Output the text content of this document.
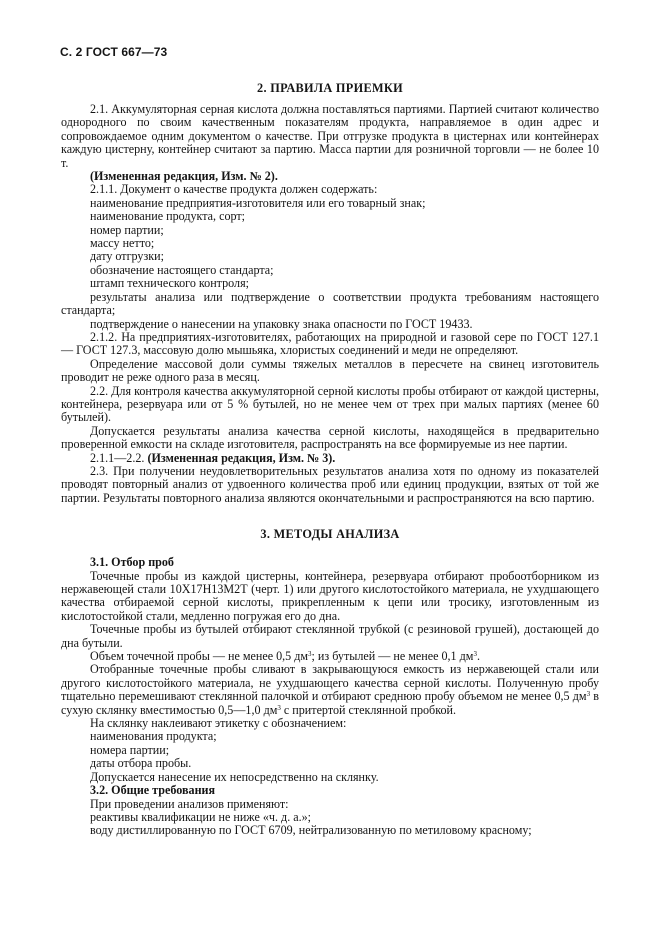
С. 2 ГОСТ 667—73
2. ПРАВИЛА ПРИЕМКИ

2.1. Аккумуляторная серная кислота должна поставляться партиями. Партией считают количество однородного по своим качественным показателям продукта, направляемое в один адрес и сопровождаемое одним документом о качестве. При отгрузке продукта в цистернах или контейнерах каждую цистерну, контейнер считают за партию. Масса партии для розничной торговли — не более 10 т.

(Измененная редакция, Изм. № 2).

2.1.1. Документ о качестве продукта должен содержать:

наименование предприятия-изготовителя или его товарный знак;

наименование продукта, сорт;

номер партии;

массу нетто;

дату отгрузки;

обозначение настоящего стандарта;

штамп технического контроля;

результаты анализа или подтверждение о соответствии продукта требованиям настоящего стандарта;

подтверждение о нанесении на упаковку знака опасности по ГОСТ 19433.

2.1.2. На предприятиях-изготовителях, работающих на природной и газовой сере по ГОСТ 127.1 — ГОСТ 127.3, массовую долю мышьяка, хлористых соединений и меди не определяют.

Определение массовой доли суммы тяжелых металлов в пересчете на свинец изготовитель проводит не реже одного раза в месяц.

2.2. Для контроля качества аккумуляторной серной кислоты пробы отбирают от каждой цистерны, контейнера, резервуара или от 5 % бутылей, но не менее чем от трех при малых партиях (менее 60 бутылей).

Допускается результаты анализа качества серной кислоты, находящейся в предварительно проверенной емкости на складе изготовителя, распространять на все формируемые из нее партии.

2.1.1—2.2. (Измененная редакция, Изм. № 3).

2.3. При получении неудовлетворительных результатов анализа хотя по одному из показателей проводят повторный анализ от удвоенного количества проб или единиц продукции, взятых от той же партии. Результаты повторного анализа являются окончательными и распространяются на всю партию.

3. МЕТОДЫ АНАЛИЗА

3.1. Отбор проб

Точечные пробы из каждой цистерны, контейнера, резервуара отбирают пробоотборником из нержавеющей стали 10Х17Н13М2Т (черт. 1) или другого кислотостойкого материала, не ухудшающего качества отбираемой серной кислоты, прикрепленным к цепи или тросику, изготовленным из кислотостойкой стали, медленно погружая его до дна.

Точечные пробы из бутылей отбирают стеклянной трубкой (с резиновой грушей), достающей до дна бутыли.

Объем точечной пробы — не менее 0,5 $дм^3$; из бутылей — не менее 0,1 $дм^3$.

Отобранные точечные пробы сливают в закрывающуюся емкость из нержавеющей стали или другого кислотостойкого материала, не ухудшающего качества серной кислоты. Полученную пробу тщательно перемешивают стеклянной палочкой и отбирают среднюю пробу объемом не менее 0,5 $дм^3$ в сухую склянку вместимостью 0,5—1,0 $дм^3$ с притертой стеклянной пробкой.

На склянку наклеивают этикетку с обозначением:

наименования продукта;

номера партии;

даты отбора пробы.

Допускается нанесение их непосредственно на склянку.

3.2. Общие требования

При проведении анализов применяют:

реактивы квалификации не ниже «ч. д. а.»;

воду дистиллированную по ГОСТ 6709, нейтрализованную по метиловому красному;
